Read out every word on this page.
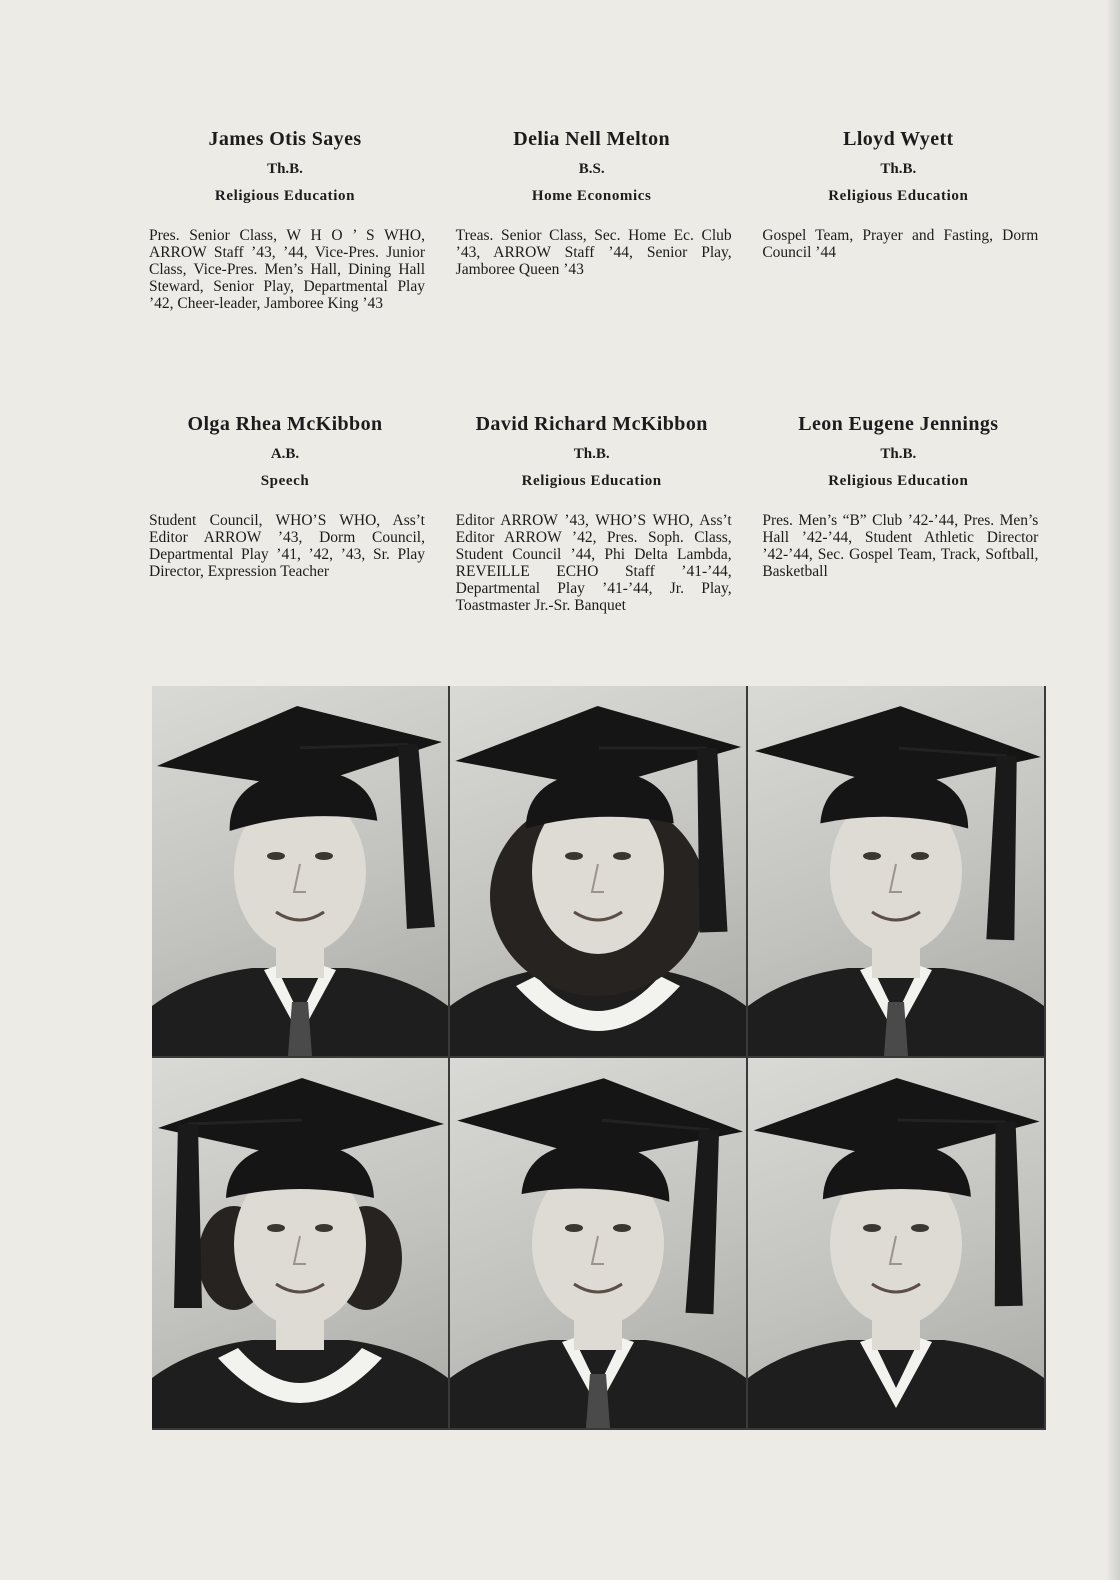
James Otis Sayes
Th.B.
Religious Education
Pres. Senior Class, W H O ’ S WHO, ARROW Staff ’43, ’44, Vice-Pres. Junior Class, Vice-Pres. Men’s Hall, Dining Hall Steward, Senior Play, Departmental Play ’42, Cheer-leader, Jamboree King ’43
Delia Nell Melton
B.S.
Home Economics
Treas. Senior Class, Sec. Home Ec. Club ’43, ARROW Staff ’44, Senior Play, Jamboree Queen ’43
Lloyd Wyett
Th.B.
Religious Education
Gospel Team, Prayer and Fasting, Dorm Council ’44
Olga Rhea McKibbon
A.B.
Speech
Student Council, WHO’S WHO, Ass’t Editor ARROW ’43, Dorm Council, Departmental Play ’41, ’42, ’43, Sr. Play Director, Expression Teacher
David Richard McKibbon
Th.B.
Religious Education
Editor ARROW ’43, WHO’S WHO, Ass’t Editor ARROW ’42, Pres. Soph. Class, Student Council ’44, Phi Delta Lambda, REVEILLE ECHO Staff ’41-’44, Departmental Play ’41-’44, Jr. Play, Toastmaster Jr.-Sr. Banquet
Leon Eugene Jennings
Th.B.
Religious Education
Pres. Men’s “B” Club ’42-’44, Pres. Men’s Hall ’42-’44, Student Athletic Director ’42-’44, Sec. Gospel Team, Track, Softball, Basketball
